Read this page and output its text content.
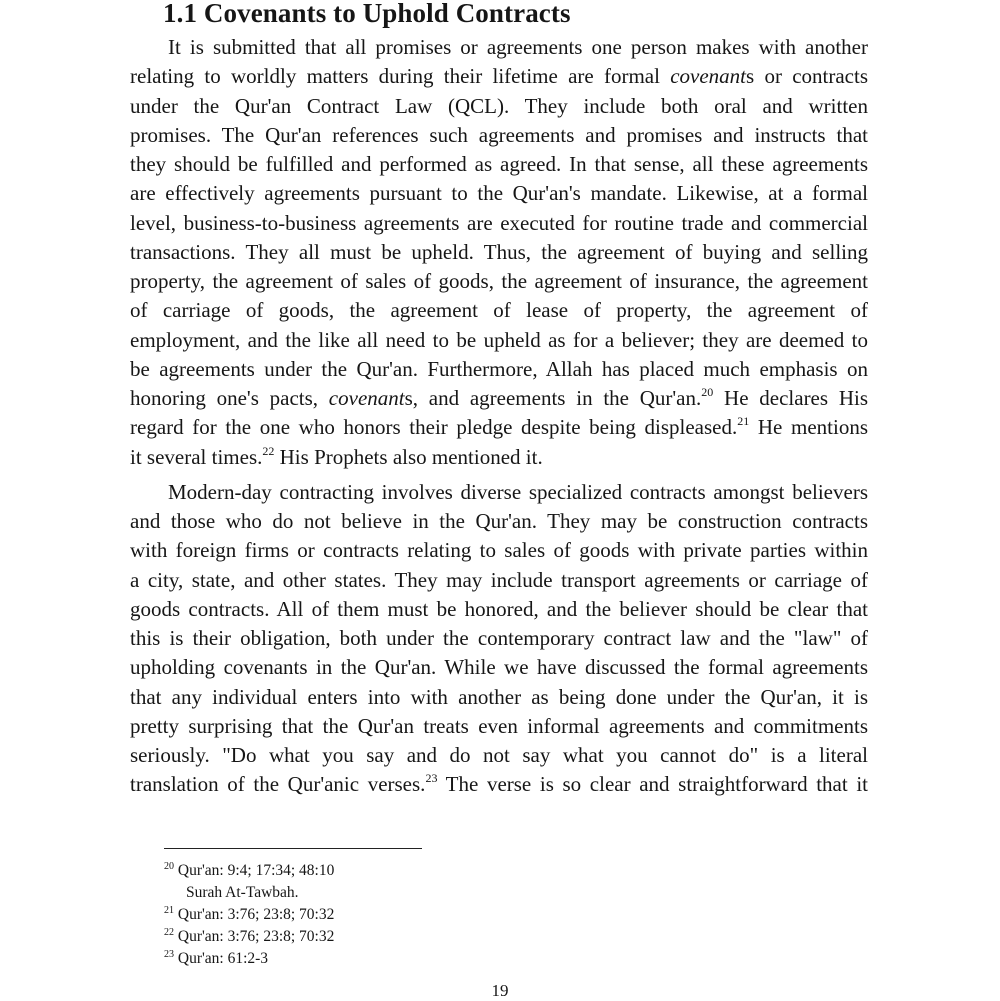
1.1 Covenants to Uphold Contracts
It is submitted that all promises or agreements one person makes with another
relating to worldly matters during their lifetime are formal covenants or contracts
under the Qur'an Contract Law (QCL). They include both oral and written
promises. The Qur'an references such agreements and promises and instructs that
they should be fulfilled and performed as agreed. In that sense, all these agreements
are effectively agreements pursuant to the Qur'an's mandate. Likewise, at a formal
level, business-to-business agreements are executed for routine trade and commercial
transactions. They all must be upheld. Thus, the agreement of buying and selling
property, the agreement of sales of goods, the agreement of insurance, the agreement
of carriage of goods, the agreement of lease of property, the agreement of
employment, and the like all need to be upheld as for a believer; they are deemed to
be agreements under the Qur'an. Furthermore, Allah has placed much emphasis on
honoring one's pacts, covenants, and agreements in the Qur'an.$^{20}$ He declares His
regard for the one who honors their pledge despite being displeased.$^{21}$ He mentions
it several times.$^{22}$ His Prophets also mentioned it.
Modern-day contracting involves diverse specialized contracts amongst believers
and those who do not believe in the Qur'an. They may be construction contracts
with foreign firms or contracts relating to sales of goods with private parties within
a city, state, and other states. They may include transport agreements or carriage of
goods contracts. All of them must be honored, and the believer should be clear that
this is their obligation, both under the contemporary contract law and the "law" of
upholding covenants in the Qur'an. While we have discussed the formal agreements
that any individual enters into with another as being done under the Qur'an, it is
pretty surprising that the Qur'an treats even informal agreements and commitments
seriously. "Do what you say and do not say what you cannot do" is a literal
translation of the Qur'anic verses.$^{23}$ The verse is so clear and straightforward that it
$^{20}$ Qur'an: 9:4; 17:34; 48:10
Surah At-Tawbah.
$^{21}$ Qur'an: 3:76; 23:8; 70:32
$^{22}$ Qur'an: 3:76; 23:8; 70:32
$^{23}$ Qur'an: 61:2-3
19
